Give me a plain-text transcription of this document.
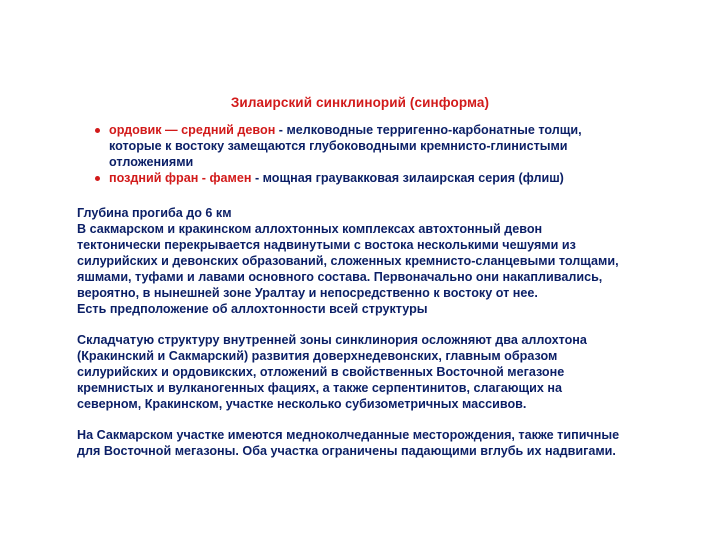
Зилаирский синклинорий (синформа)
ордовик — средний девон - мелководные терригенно-карбонатные толщи,
которые к востоку замещаются глубоководными кремнисто-глинистыми
отложениями
поздний фран - фамен - мощная граувакковая зилаирская серия (флиш)
Глубина прогиба до 6 км
В сакмарском и кракинском аллохтонных комплексах автохтонный девон
тектонически перекрывается надвинутыми с востока несколькими чешуями из
силурийских и девонских образований, сложенных кремнисто-сланцевыми толщами,
яшмами, туфами и лавами основного состава. Первоначально они накапливались,
вероятно, в нынешней зоне Уралтау и непосредственно к востоку от нее.
Есть предположение об аллохтонности всей структуры
Складчатую структуру внутренней зоны синклинория осложняют два аллохтона
(Кракинский и Сакмарский) развития доверхнедевонских, главным образом
силурийских и ордовикских, отложений в свойственных Восточной мегазоне
кремнистых и вулканогенных фациях, а также серпентинитов, слагающих на
северном, Кракинском, участке несколько субизометричных массивов.
На Сакмарском участке имеются медноколчеданные месторождения, также типичные
для Восточной мегазоны. Оба участка ограничены падающими вглубь их надвигами.
